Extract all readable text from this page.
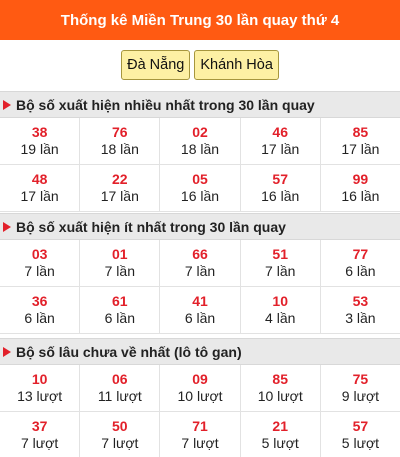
Thống kê Miền Trung 30 lần quay thứ 4
Đà Nẵng	Khánh Hòa
Bộ số xuất hiện nhiều nhất trong 30 lần quay
38
19 lần
76
18 lần
02
18 lần
46
17 lần
85
17 lần
48
17 lần
22
17 lần
05
16 lần
57
16 lần
99
16 lần
Bộ số xuất hiện ít nhất trong 30 lần quay
03
7 lần
01
7 lần
66
7 lần
51
7 lần
77
6 lần
36
6 lần
61
6 lần
41
6 lần
10
4 lần
53
3 lần
Bộ số lâu chưa về nhất (lô tô gan)
10
13 lượt
06
11 lượt
09
10 lượt
85
10 lượt
75
9 lượt
37
7 lượt
50
7 lượt
71
7 lượt
21
5 lượt
57
5 lượt
